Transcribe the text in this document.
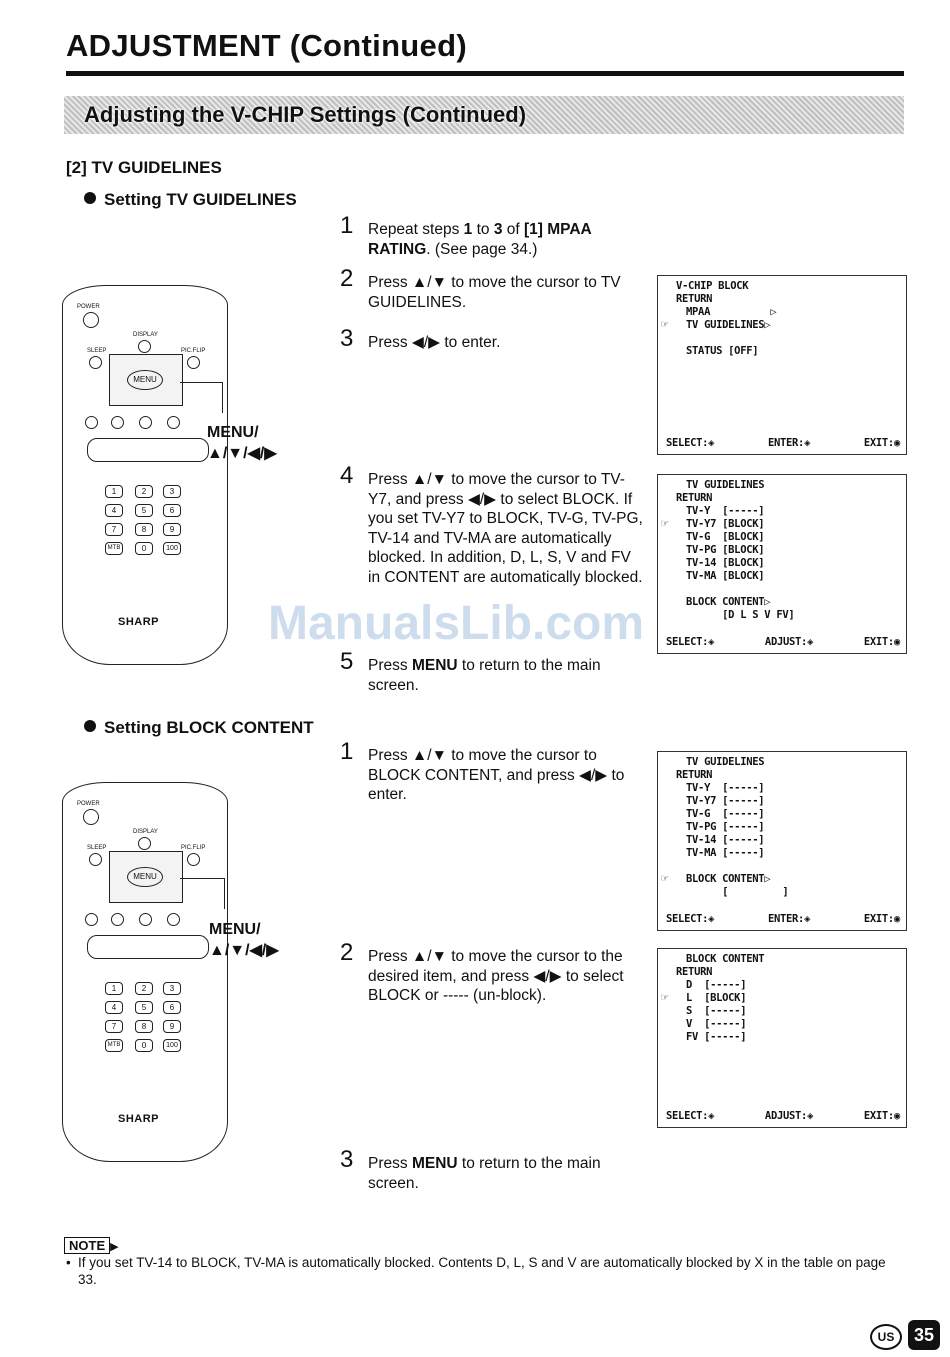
ADJUSTMENT (Continued)
Adjusting the V-CHIP Settings (Continued)
[2] TV GUIDELINES
Setting TV GUIDELINES
1 Repeat steps 1 to 3 of [1] MPAA RATING. (See page 34.)
2 Press ▲/▼ to move the cursor to TV GUIDELINES.
3 Press ◀/▶ to enter.
4 Press ▲/▼ to move the cursor to TV-Y7, and press ◀/▶ to select BLOCK. If you set TV-Y7 to BLOCK, TV-G, TV-PG, TV-14 and TV-MA are automatically blocked. In addition, D, L, S, V and FV in CONTENT are automatically blocked.
5 Press MENU to return to the main screen.
V-CHIP BLOCK
RETURN
MPAA          ▷
☞ TV GUIDELINES▷
STATUS [OFF]
SELECT:◈	ENTER:◈	EXIT:◉
TV GUIDELINES
RETURN
TV-Y  [-----]
☞ TV-Y7 [BLOCK]
TV-G  [BLOCK]
TV-PG [BLOCK]
TV-14 [BLOCK]
TV-MA [BLOCK]
BLOCK CONTENT▷
[D L S V FV]
SELECT:◈	ADJUST:◈	EXIT:◉
POWER
DISPLAY
SLEEP	PIC.FLIP
MENU
1	2	3
4	5	6
7	8	9
MTB	0	100
SHARP
MENU/
▲/▼/◀/▶
ManualsLib.com
Setting BLOCK CONTENT
1 Press ▲/▼ to move the cursor to BLOCK CONTENT, and press ◀/▶ to enter.
2 Press ▲/▼ to move the cursor to the desired item, and press ◀/▶ to select BLOCK or ----- (un-block).
3 Press MENU to return to the main screen.
TV GUIDELINES
RETURN
TV-Y  [-----]
TV-Y7 [-----]
TV-G  [-----]
TV-PG [-----]
TV-14 [-----]
TV-MA [-----]
☞ BLOCK CONTENT▷
[         ]
SELECT:◈	ENTER:◈	EXIT:◉
BLOCK CONTENT
RETURN
D  [-----]
☞ L  [BLOCK]
S  [-----]
V  [-----]
FV [-----]
SELECT:◈	ADJUST:◈	EXIT:◉
POWER
DISPLAY
SLEEP	PIC.FLIP
MENU
1	2	3
4	5	6
7	8	9
MTB	0	100
SHARP
MENU/
▲/▼/◀/▶
NOTE ▶
• If you set TV-14 to BLOCK, TV-MA is automatically blocked. Contents D, L, S and V are automatically blocked by X in the table on page 33.
US	35
